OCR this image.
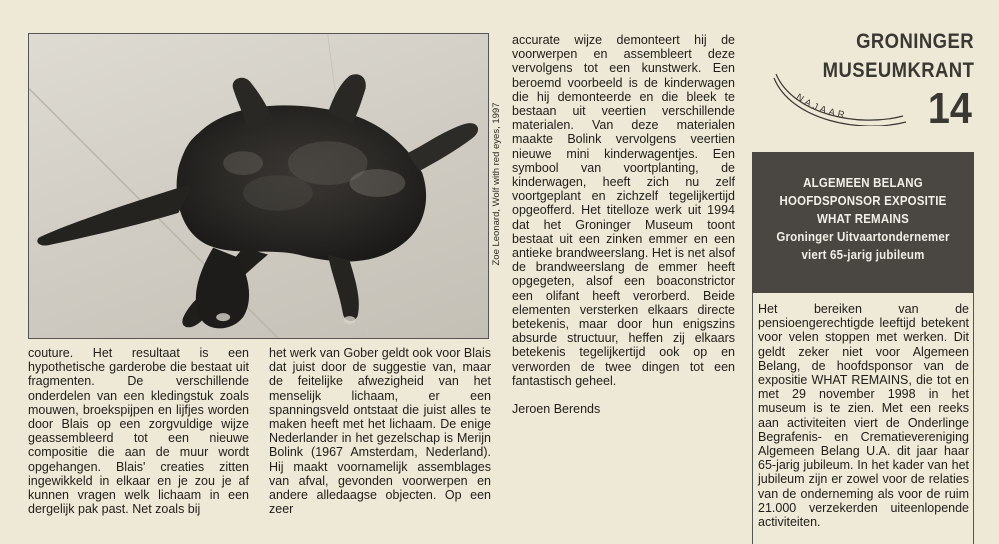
Zoe Leonard, Wolf with red eyes, 1997

couture. Het resultaat is een hypothetische garderobe die bestaat uit fragmenten. De verschillende onderdelen van een kledingstuk zoals mouwen, broekspijpen en lijfjes worden door Blais op een zorgvuldige wijze geassembleerd tot een nieuwe compositie die aan de muur wordt opgehangen. Blais' creaties zitten ingewikkeld in elkaar en je zou je af kunnen vragen welk lichaam in een dergelijk pak past. Net zoals bij

het werk van Gober geldt ook voor Blais dat juist door de suggestie van, maar de feitelijke afwezigheid van het menselijk lichaam, er een spanningsveld ontstaat die juist alles te maken heeft met het lichaam. De enige Nederlander in het gezelschap is Merijn Bolink (1967 Amsterdam, Nederland). Hij maakt voornamelijk assemblages van afval, gevonden voorwerpen en andere alledaagse objecten. Op een zeer

accurate wijze demonteert hij de voorwerpen en assembleert deze vervolgens tot een kunstwerk. Een beroemd voorbeeld is de kinderwagen die hij demonteerde en die bleek te bestaan uit veertien verschillende materialen. Van deze materialen maakte Bolink vervolgens veertien nieuwe mini kinderwagentjes. Een symbool van voortplanting, de kinderwagen, heeft zich nu zelf voortgeplant en zichzelf tegelijkertijd opgeofferd. Het titelloze werk uit 1994 dat het Groninger Museum toont bestaat uit een zinken emmer en een antieke brandweerslang. Het is net alsof de brandweerslang de emmer heeft opgegeten, alsof een boaconstrictor een olifant heeft verorberd. Beide elementen versterken elkaars directe betekenis, maar door hun enigszins absurde structuur, heffen zij elkaars betekenis tegelijkertijd ook op en verworden de twee dingen tot een fantastisch geheel.

Jeroen Berends

GRONINGER
MUSEUMKRANT
NAJAAR 14
ALGEMEEN BELANG
HOOFDSPONSOR EXPOSITIE
WHAT REMAINS
Groninger Uitvaartondernemer
viert 65-jarig jubileum
Het bereiken van de pensioengerechtigde leeftijd betekent voor velen stoppen met werken. Dit geldt zeker niet voor Algemeen Belang, de hoofdsponsor van de expositie WHAT REMAINS, die tot en met 29 november 1998 in het museum is te zien. Met een reeks aan activiteiten viert de Onderlinge Begrafenis- en Crematievereniging Algemeen Belang U.A. dit jaar haar 65-jarig jubileum. In het kader van het jubileum zijn er zowel voor de relaties van de onderneming als voor de ruim 21.000 verzekerden uiteenlopende activiteiten.
